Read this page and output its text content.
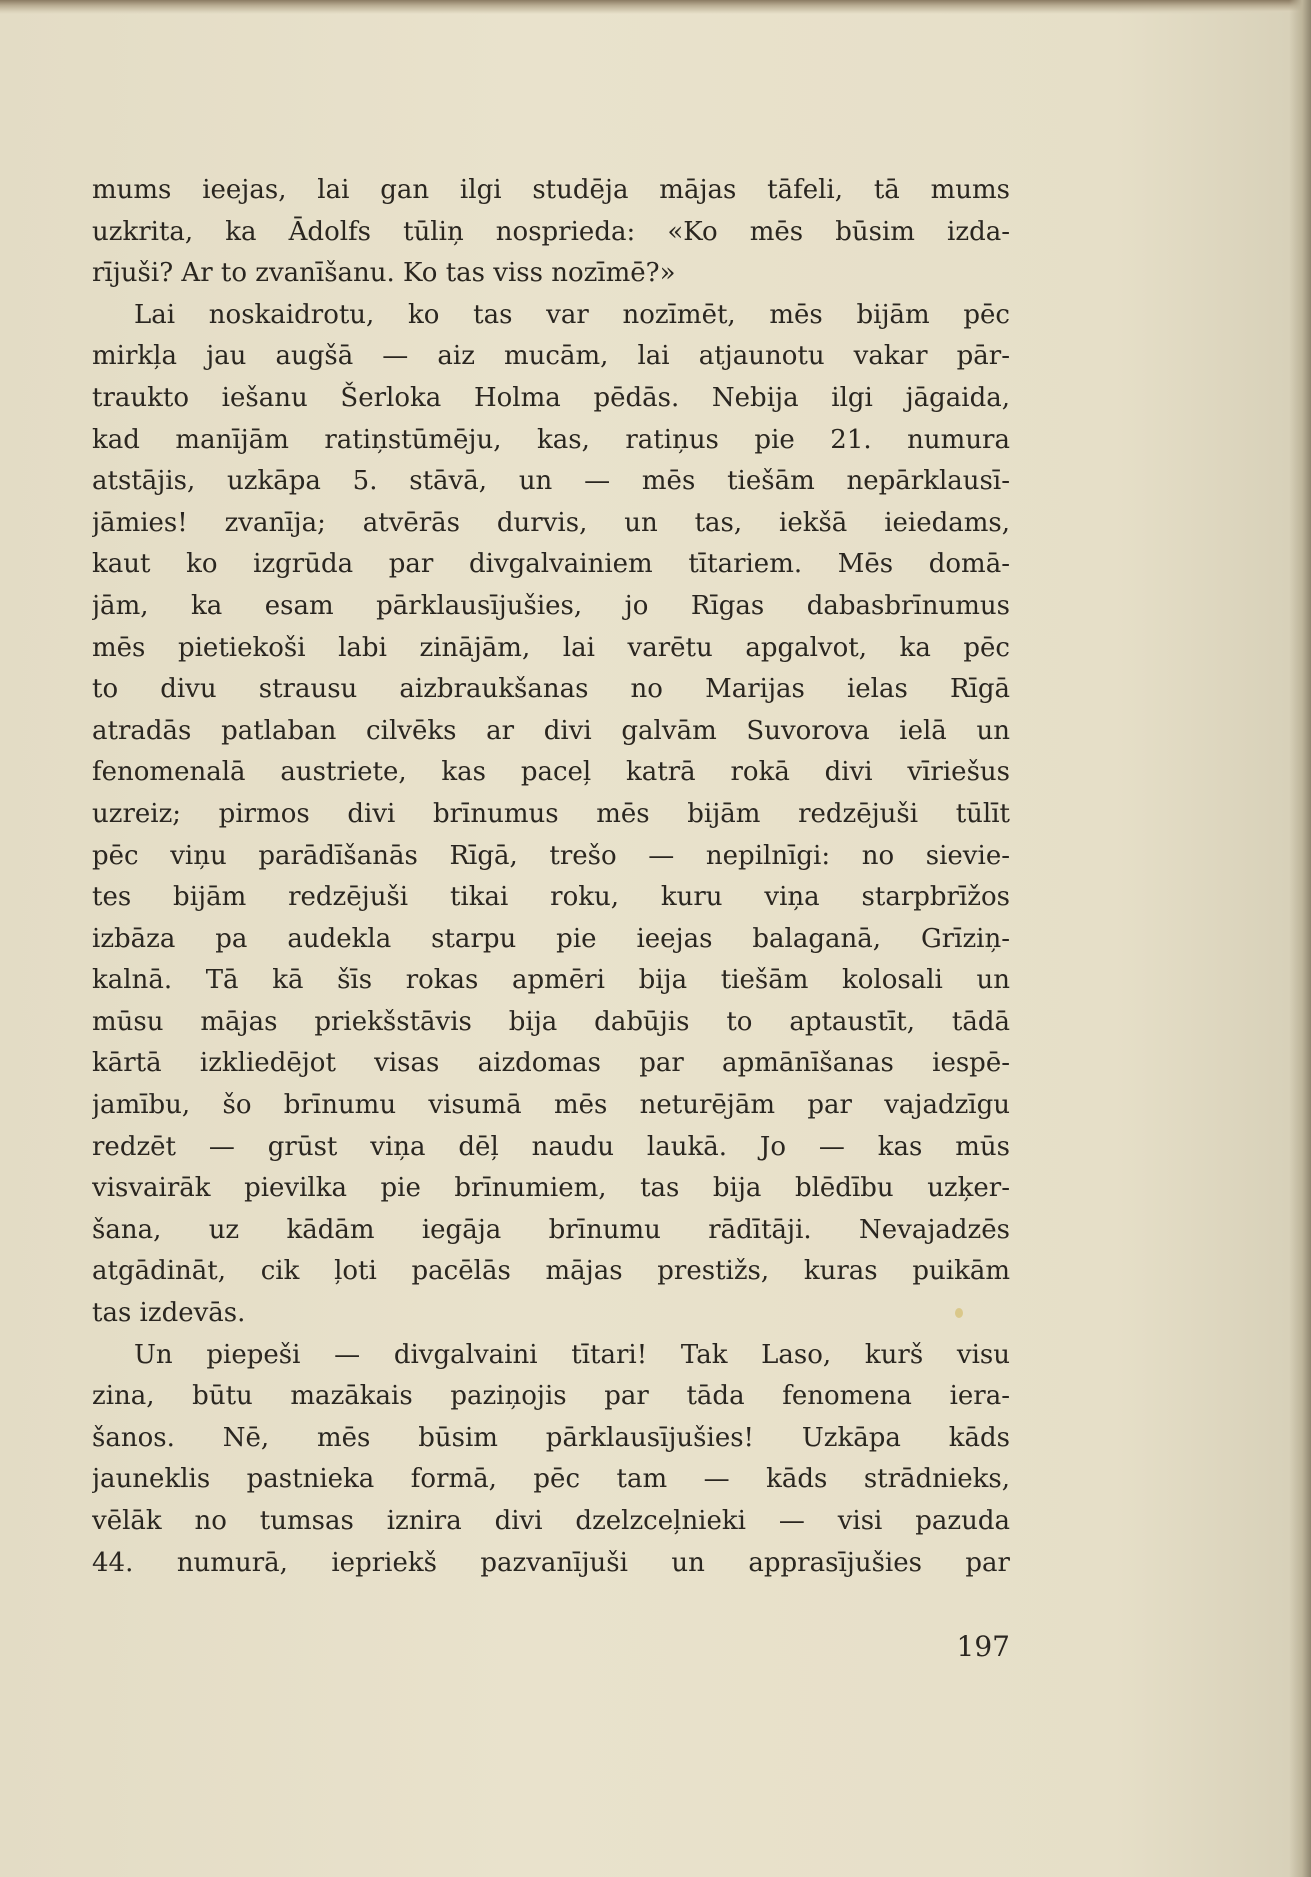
mums ieejas, lai gan ilgi studēja mājas tāfeli, tā mums
uzkrita, ka Ādolfs tūliņ nosprieda: «Ko mēs būsim izda-
rījuši? Ar to zvanīšanu. Ko tas viss nozīmē?»
Lai noskaidrotu, ko tas var nozīmēt, mēs bijām pēc
mirkļa jau augšā — aiz mucām, lai atjaunotu vakar pār-
traukto iešanu Šerloka Holma pēdās. Nebija ilgi jāgaida,
kad manījām ratiņstūmēju, kas, ratiņus pie 21. numura
atstājis, uzkāpa 5. stāvā, un — mēs tiešām nepārklausī-
jāmies! zvanīja; atvērās durvis, un tas, iekšā ieiedams,
kaut ko izgrūda par divgalvainiem tītariem. Mēs domā-
jām, ka esam pārklausījušies, jo Rīgas dabasbrīnumus
mēs pietiekoši labi zinājām, lai varētu apgalvot, ka pēc
to divu strausu aizbraukšanas no Marijas ielas Rīgā
atradās patlaban cilvēks ar divi galvām Suvorova ielā un
fenomenalā austriete, kas paceļ katrā rokā divi vīriešus
uzreiz; pirmos divi brīnumus mēs bijām redzējuši tūlīt
pēc viņu parādīšanās Rīgā, trešo — nepilnīgi: no sievie-
tes bijām redzējuši tikai roku, kuru viņa starpbrīžos
izbāza pa audekla starpu pie ieejas balaganā, Grīziņ-
kalnā. Tā kā šīs rokas apmēri bija tiešām kolosali un
mūsu mājas priekšstāvis bija dabūjis to aptaustīt, tādā
kārtā izkliedējot visas aizdomas par apmānīšanas iespē-
jamību, šo brīnumu visumā mēs neturējām par vajadzīgu
redzēt — grūst viņa dēļ naudu laukā. Jo — kas mūs
visvairāk pievilka pie brīnumiem, tas bija blēdību uzķer-
šana, uz kādām iegāja brīnumu rādītāji. Nevajadzēs
atgādināt, cik ļoti pacēlās mājas prestižs, kuras puikām
tas izdevās.
Un piepeši — divgalvaini tītari! Tak Laso, kurš visu
zina, būtu mazākais paziņojis par tāda fenomena iera-
šanos. Nē, mēs būsim pārklausījušies! Uzkāpa kāds
jauneklis pastnieka formā, pēc tam — kāds strādnieks,
vēlāk no tumsas iznira divi dzelzceļnieki — visi pazuda
44. numurā, iepriekš pazvanījuši un apprasījušies par
197
